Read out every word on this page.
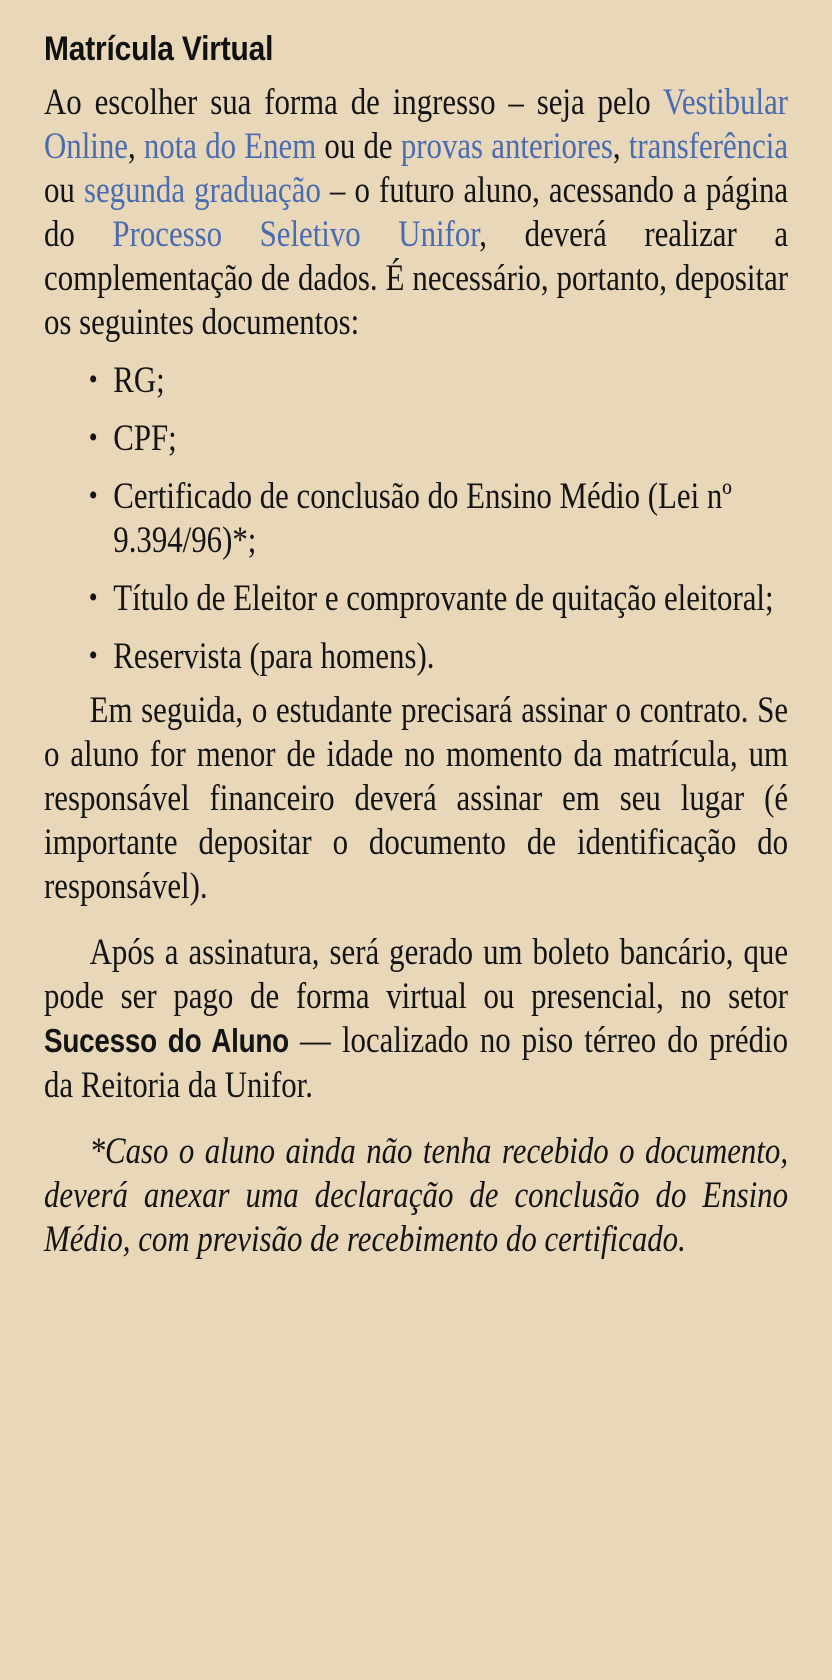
Matrícula Virtual

Ao escolher sua forma de ingresso – seja pelo Vestibular Online, nota do Enem ou de provas anteriores, transferência ou segunda graduação – o futuro aluno, acessando a página do Processo Seletivo Unifor, deverá realizar a complementação de dados. É necessário, portanto, depositar os seguintes documentos:

• RG;
• CPF;
• Certificado de conclusão do Ensino Médio (Lei nº 9.394/96)*;
• Título de Eleitor e comprovante de quitação eleitoral;
• Reservista (para homens).

Em seguida, o estudante precisará assinar o contrato. Se o aluno for menor de idade no momento da matrícula, um responsável financeiro deverá assinar em seu lugar (é importante depositar o documento de identificação do responsável).

Após a assinatura, será gerado um boleto bancário, que pode ser pago de forma virtual ou presencial, no setor Sucesso do Aluno — localizado no piso térreo do prédio da Reitoria da Unifor.

*Caso o aluno ainda não tenha recebido o documento, deverá anexar uma declaração de conclusão do Ensino Médio, com previsão de recebimento do certificado.
